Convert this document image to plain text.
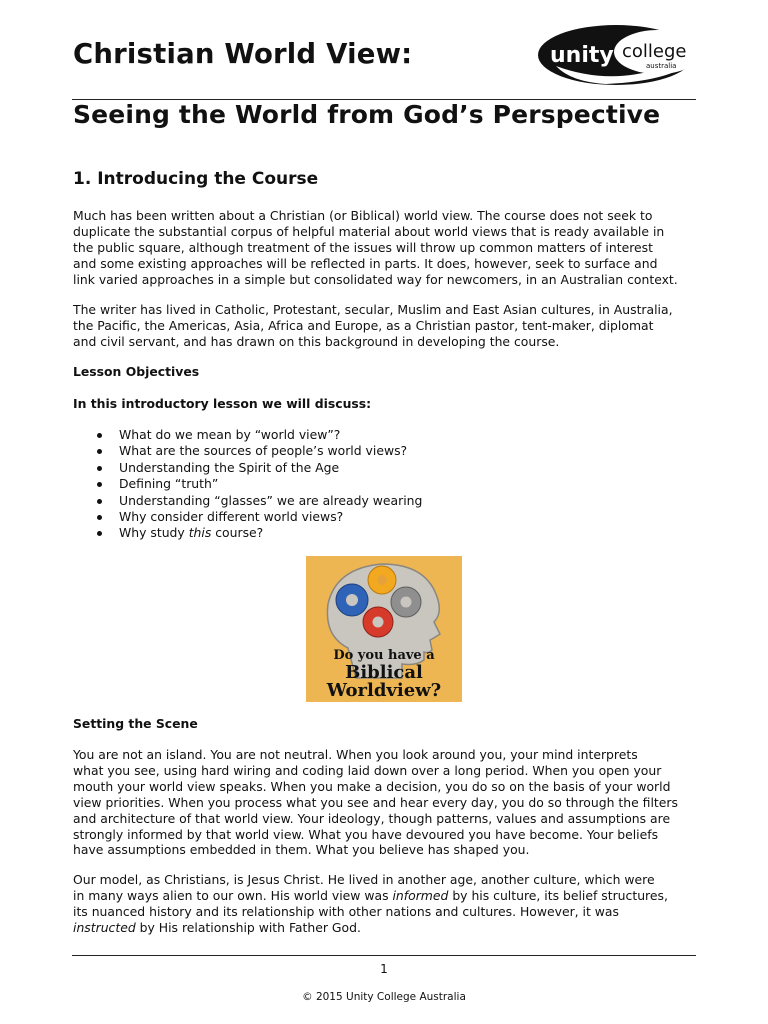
Christian World View:	unity college
australia
Seeing the World from God’s Perspective
1. Introducing the Course
Much has been written about a Christian (or Biblical) world view. The course does not seek to
duplicate the substantial corpus of helpful material about world views that is ready available in
the public square, although treatment of the issues will throw up common matters of interest
and some existing approaches will be reflected in parts. It does, however, seek to surface and
link varied approaches in a simple but consolidated way for newcomers, in an Australian context.
The writer has lived in Catholic, Protestant, secular, Muslim and East Asian cultures, in Australia,
the Pacific, the Americas, Asia, Africa and Europe, as a Christian pastor, tent-maker, diplomat
and civil servant, and has drawn on this background in developing the course.
Lesson Objectives
In this introductory lesson we will discuss:
What do we mean by “world view”?
What are the sources of people’s world views?
Understanding the Spirit of the Age
Defining “truth”
Understanding “glasses” we are already wearing
Why consider different world views?
Why study this course?
Do you have a
Biblical
Worldview?
Setting the Scene
You are not an island. You are not neutral. When you look around you, your mind interprets
what you see, using hard wiring and coding laid down over a long period. When you open your
mouth your world view speaks. When you make a decision, you do so on the basis of your world
view priorities. When you process what you see and hear every day, you do so through the filters
and architecture of that world view. Your ideology, though patterns, values and assumptions are
strongly informed by that world view. What you have devoured you have become. Your beliefs
have assumptions embedded in them. What you believe has shaped you.
Our model, as Christians, is Jesus Christ. He lived in another age, another culture, which were
in many ways alien to our own. His world view was informed by his culture, its belief structures,
its nuanced history and its relationship with other nations and cultures. However, it was
instructed by His relationship with Father God.
1
© 2015 Unity College Australia
